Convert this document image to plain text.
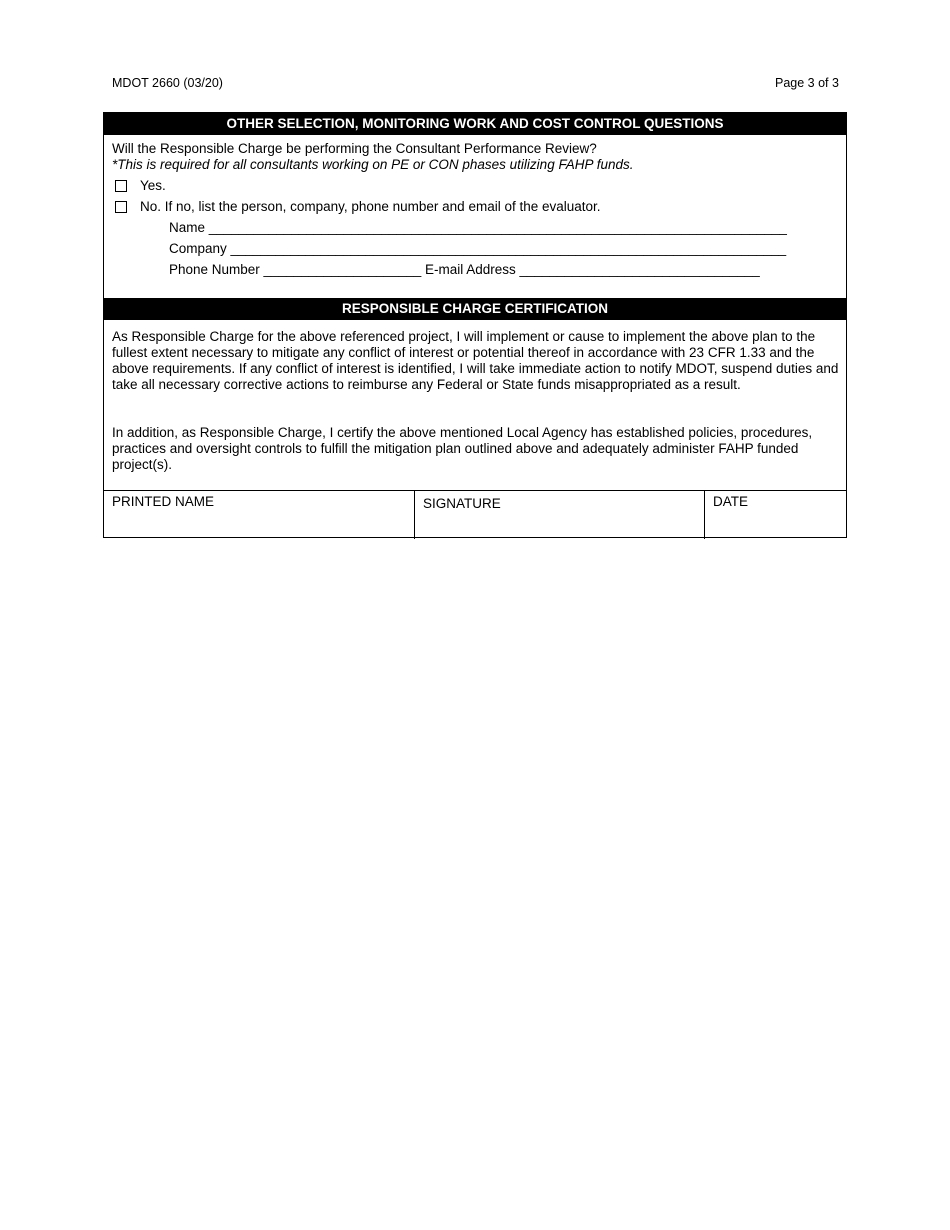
MDOT 2660 (03/20)	Page 3 of 3
OTHER SELECTION, MONITORING WORK AND COST CONTROL QUESTIONS
Will the Responsible Charge be performing the Consultant Performance Review?
*This is required for all consultants working on PE or CON phases utilizing FAHP funds.
Yes.
No. If no, list the person, company, phone number and email of the evaluator.
Name _____________________________________________________________________________
Company __________________________________________________________________________
Phone Number _____________________ E-mail Address ________________________________
RESPONSIBLE CHARGE CERTIFICATION
As Responsible Charge for the above referenced project, I will implement or cause to implement the above plan to the fullest extent necessary to mitigate any conflict of interest or potential thereof in accordance with 23 CFR 1.33 and the above requirements. If any conflict of interest is identified, I will take immediate action to notify MDOT, suspend duties and take all necessary corrective actions to reimburse any Federal or State funds misappropriated as a result.
In addition, as Responsible Charge, I certify the above mentioned Local Agency has established policies, procedures, practices and oversight controls to fulfill the mitigation plan outlined above and adequately administer FAHP funded project(s).
PRINTED NAME	SIGNATURE	DATE
